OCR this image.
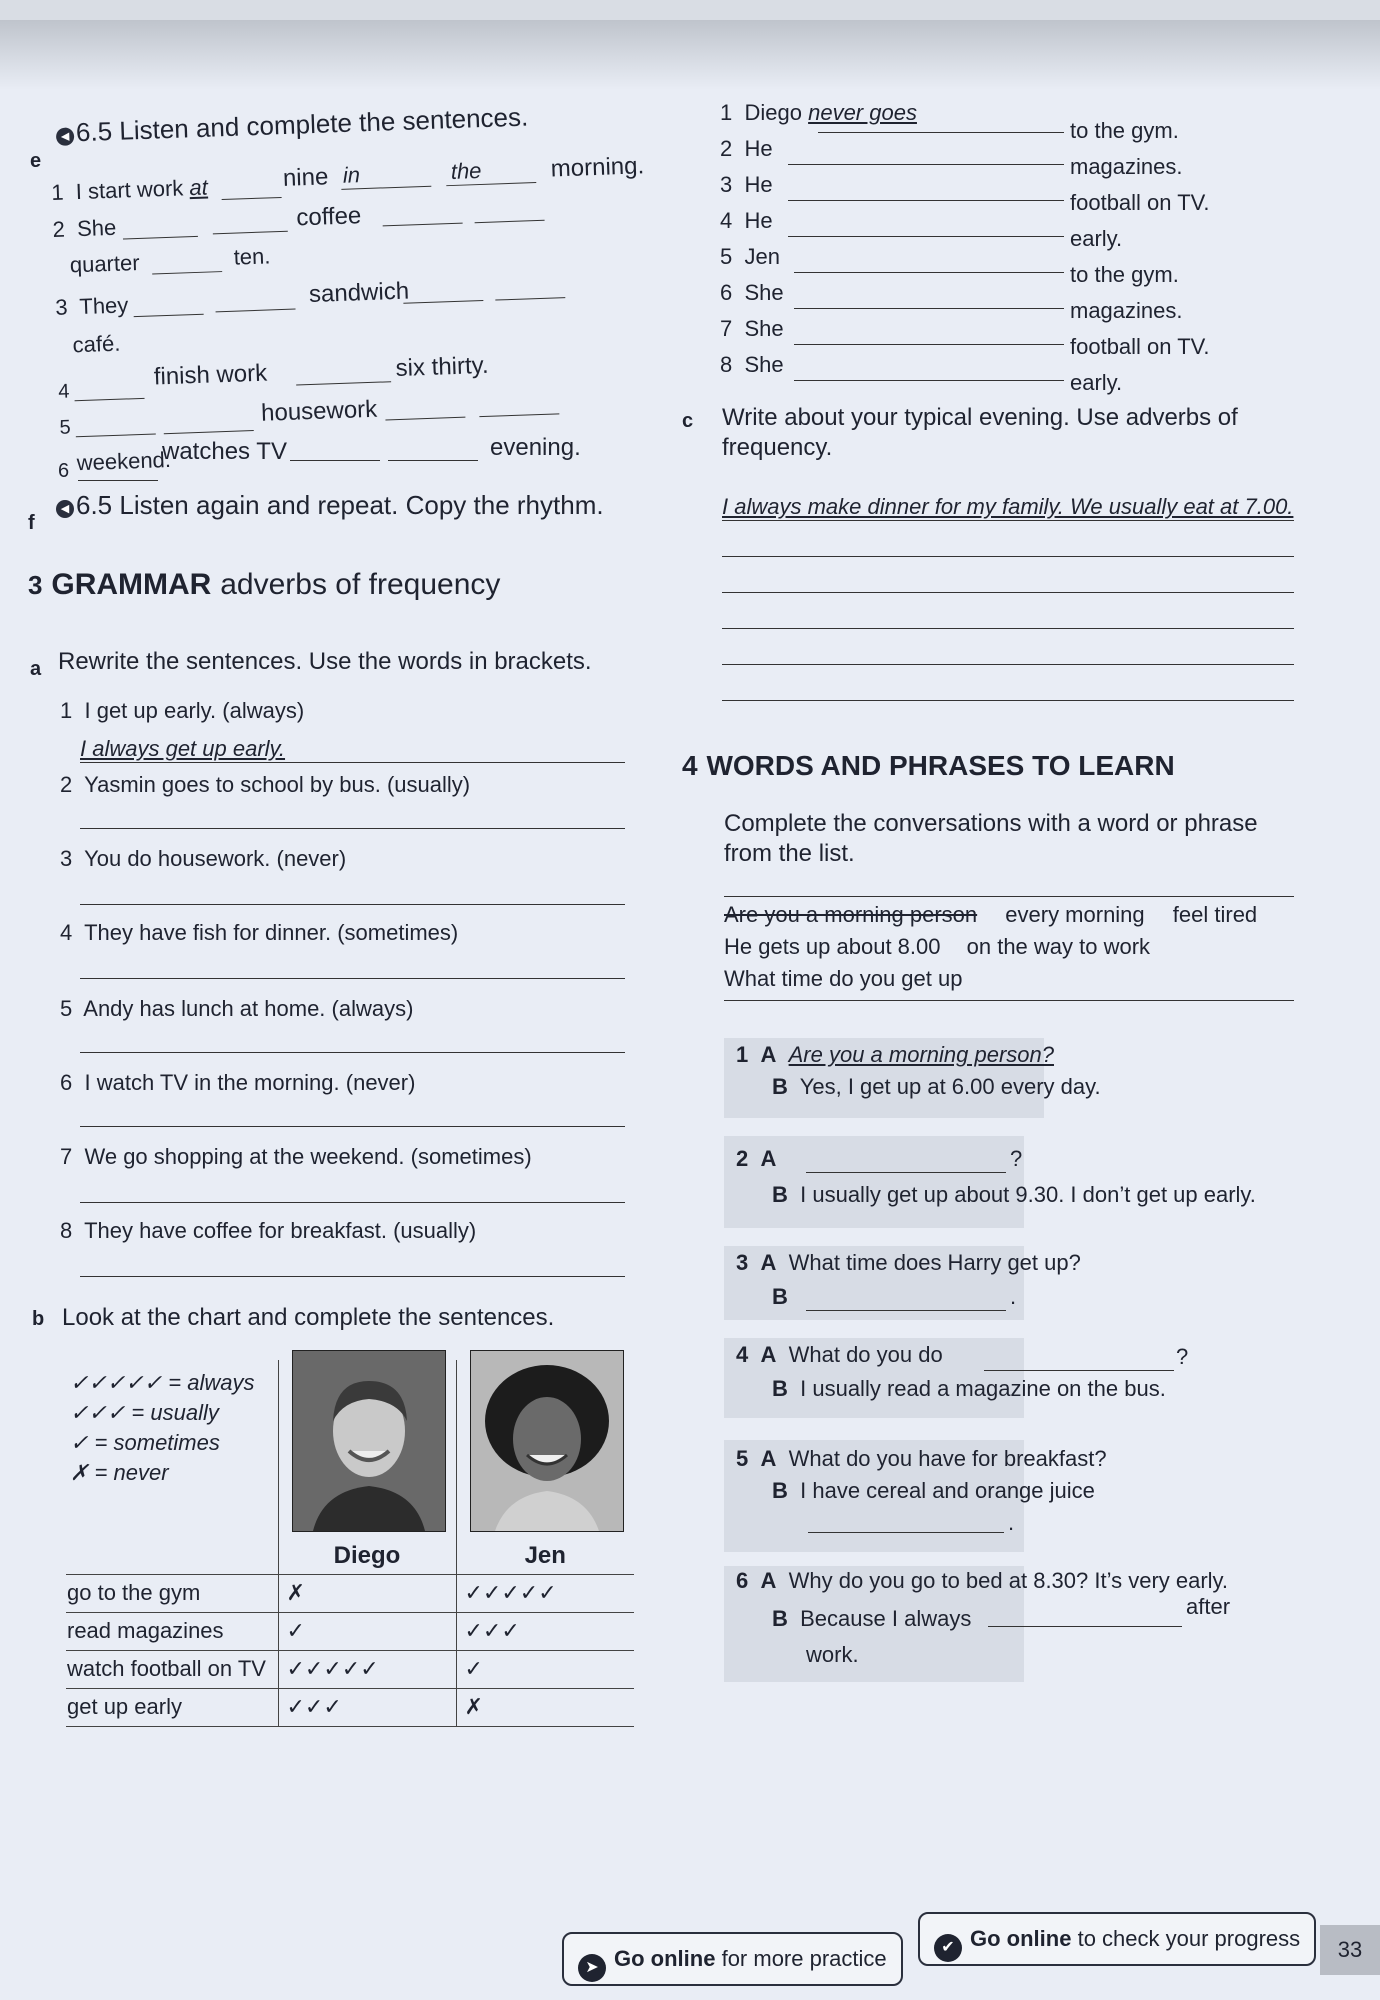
e
◀ 6.5 Listen and complete the sentences.
1 I start work at	nine in	the	morning.
2 She	coffee
quarter	ten.
3 They	sandwich
café.
4
finish work	six thirty.
5
housework
weekend.
6
watches TV	evening.
f
◀ 6.5 Listen again and repeat. Copy the rhythm.
3 GRAMMAR adverbs of frequency
a Rewrite the sentences. Use the words in brackets.
1 I get up early. (always)
I always get up early.
2 Yasmin goes to school by bus. (usually)
3 You do housework. (never)
4 They have fish for dinner. (sometimes)
5 Andy has lunch at home. (always)
6 I watch TV in the morning. (never)
7 We go shopping at the weekend. (sometimes)
8 They have coffee for breakfast. (usually)
b Look at the chart and complete the sentences.
✓✓✓✓✓ = always
✓✓✓ = usually
✓ = sometimes
✗ = never

	Diego	Jen
go to the gym	✗	✓✓✓✓✓
read magazines	✓	✓✓✓
watch football on TV	✓✓✓✓✓	✓
get up early	✓✓✓	✗
1 Diego never goes
to the gym.
2 He
magazines.
3 He
football on TV.
4 He
early.
5 Jen
to the gym.
6 She
magazines.
7 She
football on TV.
8 She
early.
c Write about your typical evening. Use adverbs of
frequency.
I always make dinner for my family. We usually eat at 7.00.
4 WORDS AND PHRASES TO LEARN
Complete the conversations with a word or phrase
from the list.
Are you a morning person every morning feel tired
He gets up about 8.00 on the way to work
What time do you get up
1 A Are you a morning person?
B Yes, I get up at 6.00 every day.
2 A	?
B I usually get up about 9.30. I don’t get up early.
3 A What time does Harry get up?
B	.
4 A What do you do	?
B I usually read a magazine on the bus.
5 A What do you have for breakfast?
B I have cereal and orange juice
.
6 A Why do you go to bed at 8.30? It’s very early.
B Because I always	after
work.
➤ Go online for more practice	✔ Go online to check your progress	33
